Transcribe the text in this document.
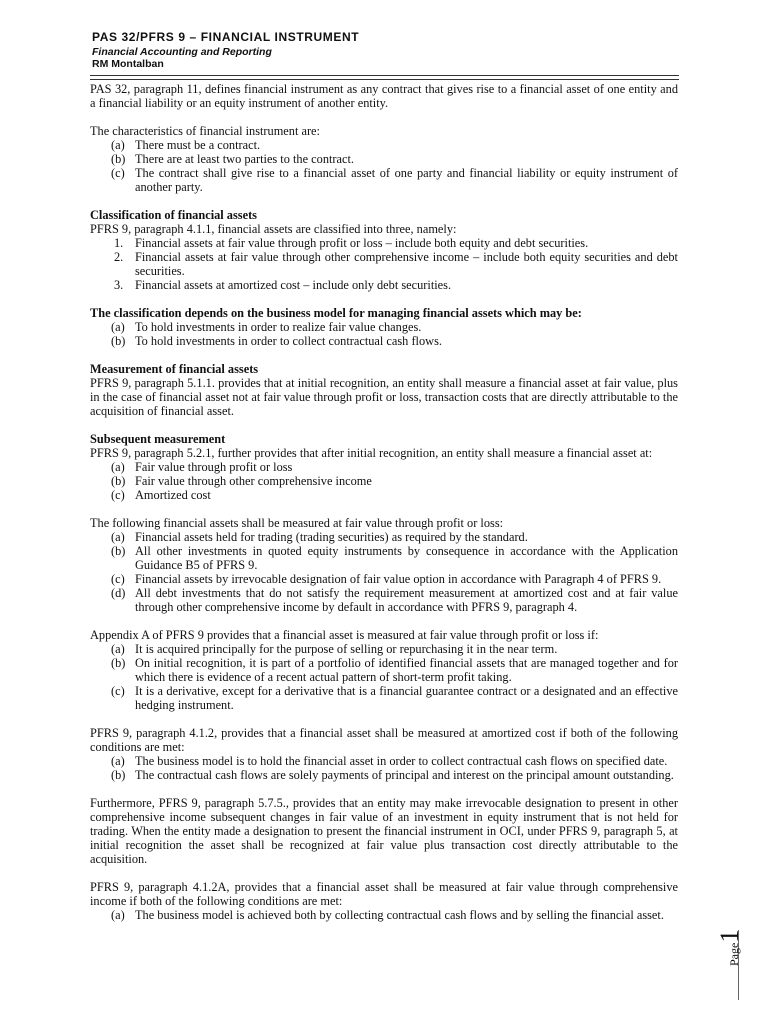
PAS 32/PFRS 9 – FINANCIAL INSTRUMENT
Financial Accounting and Reporting
RM Montalban

PAS 32, paragraph 11, defines financial instrument as any contract that gives rise to a financial asset of one entity and a financial liability or an equity instrument of another entity.

The characteristics of financial instrument are:

(a) There must be a contract.
(b) There are at least two parties to the contract.
(c) The contract shall give rise to a financial asset of one party and financial liability or equity instrument of another party.
Classification of financial assets

PFRS 9, paragraph 4.1.1, financial assets are classified into three, namely:

1. Financial assets at fair value through profit or loss – include both equity and debt securities.
2. Financial assets at fair value through other comprehensive income – include both equity securities and debt securities.
3. Financial assets at amortized cost – include only debt securities.
The classification depends on the business model for managing financial assets which may be:
(a) To hold investments in order to realize fair value changes.
(b) To hold investments in order to collect contractual cash flows.
Measurement of financial assets

PFRS 9, paragraph 5.1.1. provides that at initial recognition, an entity shall measure a financial asset at fair value, plus in the case of financial asset not at fair value through profit or loss, transaction costs that are directly attributable to the acquisition of financial asset.

Subsequent measurement

PFRS 9, paragraph 5.2.1, further provides that after initial recognition, an entity shall measure a financial asset at:

(a) Fair value through profit or loss
(b) Fair value through other comprehensive income
(c) Amortized cost

The following financial assets shall be measured at fair value through profit or loss:

(a) Financial assets held for trading (trading securities) as required by the standard.
(b) All other investments in quoted equity instruments by consequence in accordance with the Application Guidance B5 of PFRS 9.
(c) Financial assets by irrevocable designation of fair value option in accordance with Paragraph 4 of PFRS 9.
(d) All debt investments that do not satisfy the requirement measurement at amortized cost and at fair value through other comprehensive income by default in accordance with PFRS 9, paragraph 4.

Appendix A of PFRS 9 provides that a financial asset is measured at fair value through profit or loss if:

(a) It is acquired principally for the purpose of selling or repurchasing it in the near term.
(b) On initial recognition, it is part of a portfolio of identified financial assets that are managed together and for which there is evidence of a recent actual pattern of short-term profit taking.
(c) It is a derivative, except for a derivative that is a financial guarantee contract or a designated and an effective hedging instrument.

PFRS 9, paragraph 4.1.2, provides that a financial asset shall be measured at amortized cost if both of the following conditions are met:

(a) The business model is to hold the financial asset in order to collect contractual cash flows on specified date.
(b) The contractual cash flows are solely payments of principal and interest on the principal amount outstanding.

Furthermore, PFRS 9, paragraph 5.7.5., provides that an entity may make irrevocable designation to present in other comprehensive income subsequent changes in fair value of an investment in equity instrument that is not held for trading. When the entity made a designation to present the financial instrument in OCI, under PFRS 9, paragraph 5, at initial recognition the asset shall be recognized at fair value plus transaction cost directly attributable to the acquisition.

PFRS 9, paragraph 4.1.2A, provides that a financial asset shall be measured at fair value through comprehensive income if both of the following conditions are met:

(a) The business model is achieved both by collecting contractual cash flows and by selling the financial asset.
Page1
